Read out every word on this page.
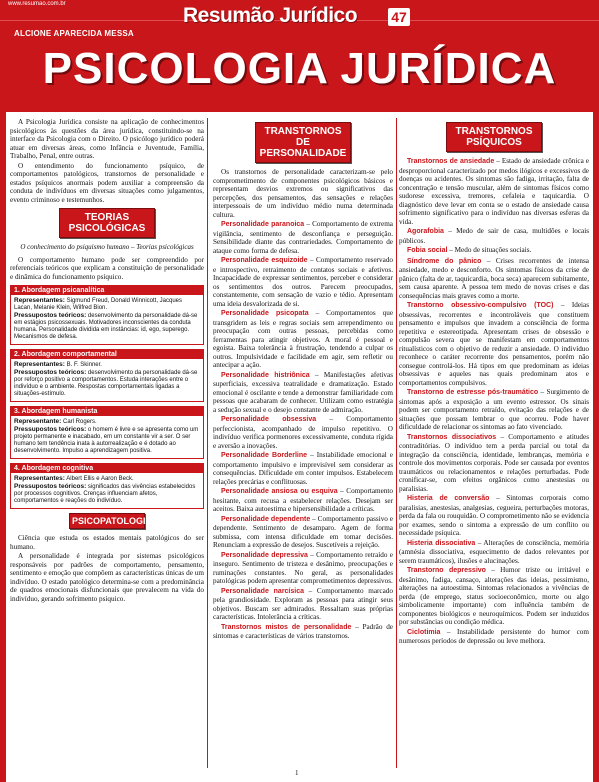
www.resumao.com.br	Resumão Jurídico 47
ALCIONE APARECIDA MESSA
PSICOLOGIA JURÍDICA

A Psicologia Jurídica consiste na aplicação de conhecimentos psicológicos às questões da área jurídica, constituindo-se na interface da Psicologia com o Direito. O psicólogo jurídico poderá atuar em diversas áreas, como Infância e Juventude, Família, Trabalho, Penal, entre outras.

O entendimento do funcionamento psíquico, de comportamentos patológicos, transtornos de personalidade e estados psíquicos anormais podem auxiliar a compreensão da conduta de indivíduos em diversas situações como julgamentos, evento criminoso e testemunhos.

TEORIAS PSICOLÓGICAS
O conhecimento do psiquismo humano – Teorias psicológicas

O comportamento humano pode ser compreendido por referenciais teóricos que explicam a constituição de personalidade e dinâmica do funcionamento psíquico.

1. Abordagem psicanalítica
Representantes: Sigmund Freud, Donald Winnicott, Jacques Lacan, Melanie Klein, Wilfred Bion.
Pressupostos teóricos: desenvolvimento da personalidade dá-se em estágios psicossexuais. Motivadores inconscientes da conduta humana. Personalidade dividida em instâncias: id, ego, superego. Mecanismos de defesa.
2. Abordagem comportamental
Representantes: B. F. Skinner.
Pressupostos teóricos: desenvolvimento da personalidade dá-se por reforço positivo a comportamentos. Estuda interações entre o indivíduo e o ambiente. Respostas comportamentais ligadas a situações-estímulo.
3. Abordagem humanista
Representante: Carl Rogers.
Pressupostos teóricos: o homem é livre e se apresenta como um projeto permanente e inacabado, em um constante vir a ser. O ser humano tem tendência inata à autorrealização e é dotado ao desenvolvimento. Impulso a aprendizagem positiva.
4. Abordagem cognitiva
Representantes: Albert Ellis e Aaron Beck.
Pressupostos teóricos: significados das vivências estabelecidos por processos cognitivos. Crenças influenciam afetos, comportamentos e reações do indivíduo.
PSICOPATOLOGIA

Ciência que estuda os estados mentais patológicos do ser humano.

A personalidade é integrada por sistemas psicológicos responsáveis por padrões de comportamento, pensamento, sentimento e emoção que compõem as características únicas de um indivíduo. O estado patológico determina-se com a predominância de quadros emocionais disfuncionais que prevalecem na vida do indivíduo, gerando sofrimento psíquico.

TRANSTORNOS DE PERSONALIDADE

Os transtornos de personalidade caracterizam-se pelo comprometimento de componentes psicológicos básicos e representam desvios extremos ou significativos das percepções, dos pensamentos, das sensações e relações interpessoais de um indivíduo médio numa determinada cultura.

Personalidade paranoica – Comportamento de extrema vigilância, sentimento de desconfiança e perseguição. Sensibilidade diante das contrariedades. Comportamento de ataque como forma de defesa.

Personalidade esquizoide – Comportamento reservado e introspectivo, retraimento de contatos sociais e afetivos. Incapacidade de expressar sentimentos, perceber e considerar os sentimentos dos outros. Parecem preocupados, constantemente, com sensação de vazio e tédio. Apresentam uma ideia desvalorizada de si.

Personalidade psicopata – Comportamentos que transgridem as leis e regras sociais sem arrependimento ou preocupação com outras pessoas, percebidas como ferramentas para atingir objetivos. A moral é pessoal e egoísta. Baixa tolerância à frustração, tendendo a culpar os outros. Impulsividade e facilidade em agir, sem refletir ou antecipar a ação.

Personalidade histriônica – Manifestações afetivas superficiais, excessiva teatralidade e dramatização. Estado emocional é oscilante e tende a demonstrar familiaridade com pessoas que acabaram de conhecer. Utilizam como estratégia a sedução sexual e o desejo constante de admiração.

Personalidade obsessiva – Comportamento perfeccionista, acompanhado de impulso repetitivo. O indivíduo verifica pormenores excessivamente, conduta rígida e aversão a inovações.

Personalidade Borderline – Instabilidade emocional e comportamento impulsivo e imprevisível sem considerar as consequências. Dificuldade em conter impulsos. Estabelecem relações precárias e conflituosas.

Personalidade ansiosa ou esquiva – Comportamento hesitante, com recusa a estabelecer relações. Desejam ser aceitos. Baixa autoestima e hipersensibilidade a críticas.

Personalidade dependente – Comportamento passivo e dependente. Sentimento de desamparo. Agem de forma submissa, com intensa dificuldade em tomar decisões. Renunciam a expressão de desejos. Suscetíveis a rejeição.

Personalidade depressiva – Comportamento retraído e inseguro. Sentimento de tristeza e desânimo, preocupações e ruminações constantes. No geral, as personalidades patológicas podem apresentar comprometimentos depressivos.

Personalidade narcísica – Comportamento marcado pela grandiosidade. Exploram as pessoas para atingir seus objetivos. Buscam ser admirados. Ressaltam suas próprias características. Intolerância a críticas.

Transtornos mistos de personalidade – Padrão de sintomas e características de vários transtornos.

TRANSTORNOS PSÍQUICOS

Transtornos de ansiedade – Estado de ansiedade crônica e desproporcional caracterizado por medos ilógicos e excessivos de doenças ou acidentes. Os sintomas são fadiga, irritação, falta de concentração e tensão muscular, além de sintomas físicos como sudorese excessiva, tremores, cefaleia e taquicardia. O diagnóstico deve levar em conta se o estado de ansiedade causa sofrimento significativo para o indivíduo nas diversas esferas da vida.

Agorafobia – Medo de sair de casa, multidões e locais públicos.

Fobia social – Medo de situações sociais.

Síndrome do pânico – Crises recorrentes de intensa ansiedade, medo e desconforto. Os sintomas físicos da crise de pânico (falta de ar, taquicardia, boca seca) aparecem subitamente, sem causa aparente. A pessoa tem medo de novas crises e das consequências mais graves como a morte.

Transtorno obsessivo-compulsivo (TOC) – Ideias obsessivas, recorrentes e incontroláveis que constituem pensamento e impulsos que invadem a consciência de forma repetitiva e estereotipada. Apresentam crises de obsessão e compulsão severa que se manifestam em comportamentos ritualísticos com o objetivo de reduzir a ansiedade. O indivíduo reconhece o caráter recorrente dos pensamentos, porém não consegue controlá-los. Há tipos em que predominam as ideias obsessivas e aqueles nas quais predominam atos e comportamentos compulsivos.

Transtorno de estresse pós-traumático – Surgimento de sintomas após a exposição a um evento estressor. Os sinais podem ser comportamento retraído, evitação das relações e de situações que possam lembrar o que ocorreu. Pode haver dificuldade de relacionar os sintomas ao fato vivenciado.

Transtornos dissociativos – Comportamento e atitudes contraditórias. O indivíduo tem a perda parcial ou total da integração da consciência, identidade, lembranças, memória e controle dos movimentos corporais. Pode ser causada por eventos traumáticos ou relacionamentos e relações perturbadas. Pode cronificar-se, com efeitos orgânicos como anestesias ou paralisias.

Histeria de conversão – Sintomas corporais como paralisias, anestesias, analgesias, cegueira, perturbações motoras, perda da fala ou rouquidão. O comprometimento não se evidencia por exames, sendo o sintoma a expressão de um conflito ou necessidade psíquica.

Histeria dissociativa – Alterações de consciência, memória (amnésia dissociativa, esquecimento de dados relevantes por serem traumáticos), ilusões e alucinações.

Transtorno depressivo – Humor triste ou irritável e desânimo, fadiga, cansaço, alterações das ideias, pessimismo, alterações na autoestima. Sintomas relacionados a vivências de perda (de emprego, status socioeconômico, morte ou algo simbolicamente importante) com influência também de componentes biológicos e neuroquímicos. Podem ser induzidos por substâncias ou condição médica.

Ciclotimia – Instabilidade persistente do humor com numerosos períodos de depressão ou leve melhora.

1
